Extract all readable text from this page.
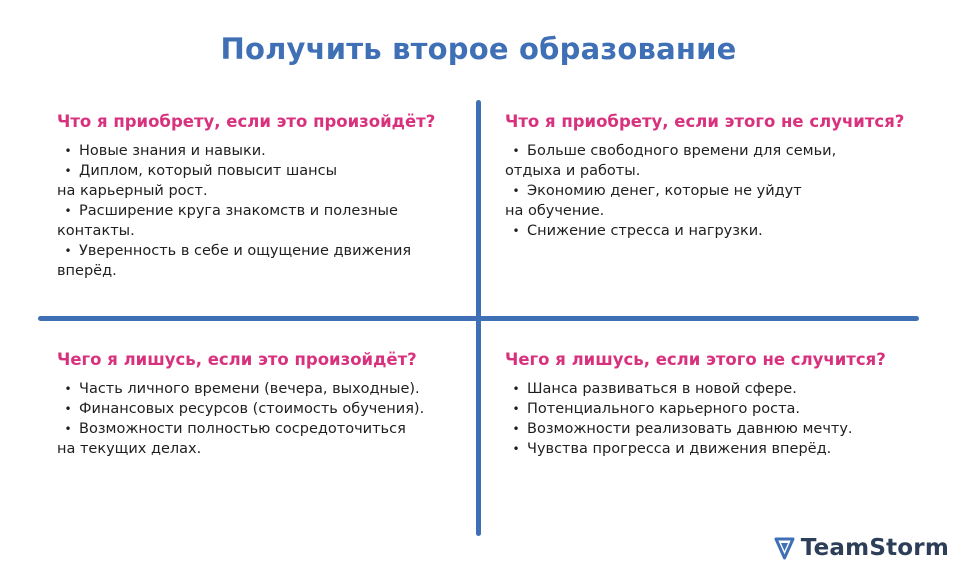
Получить второе образование
Что я приобрету, если это произойдёт?
• Новые знания и навыки.
• Диплом, который повысит шансы
на карьерный рост.
• Расширение круга знакомств и полезные
контакты.
• Уверенность в себе и ощущение движения
вперёд.
Что я приобрету, если этого не случится?
• Больше свободного времени для семьи,
отдыха и работы.
• Экономию денег, которые не уйдут
на обучение.
• Снижение стресса и нагрузки.
Чего я лишусь, если это произойдёт?
• Часть личного времени (вечера, выходные).
• Финансовых ресурсов (стоимость обучения).
• Возможности полностью сосредоточиться
на текущих делах.
Чего я лишусь, если этого не случится?
• Шанса развиваться в новой сфере.
• Потенциального карьерного роста.
• Возможности реализовать давнюю мечту.
• Чувства прогресса и движения вперёд.
TeamStorm
